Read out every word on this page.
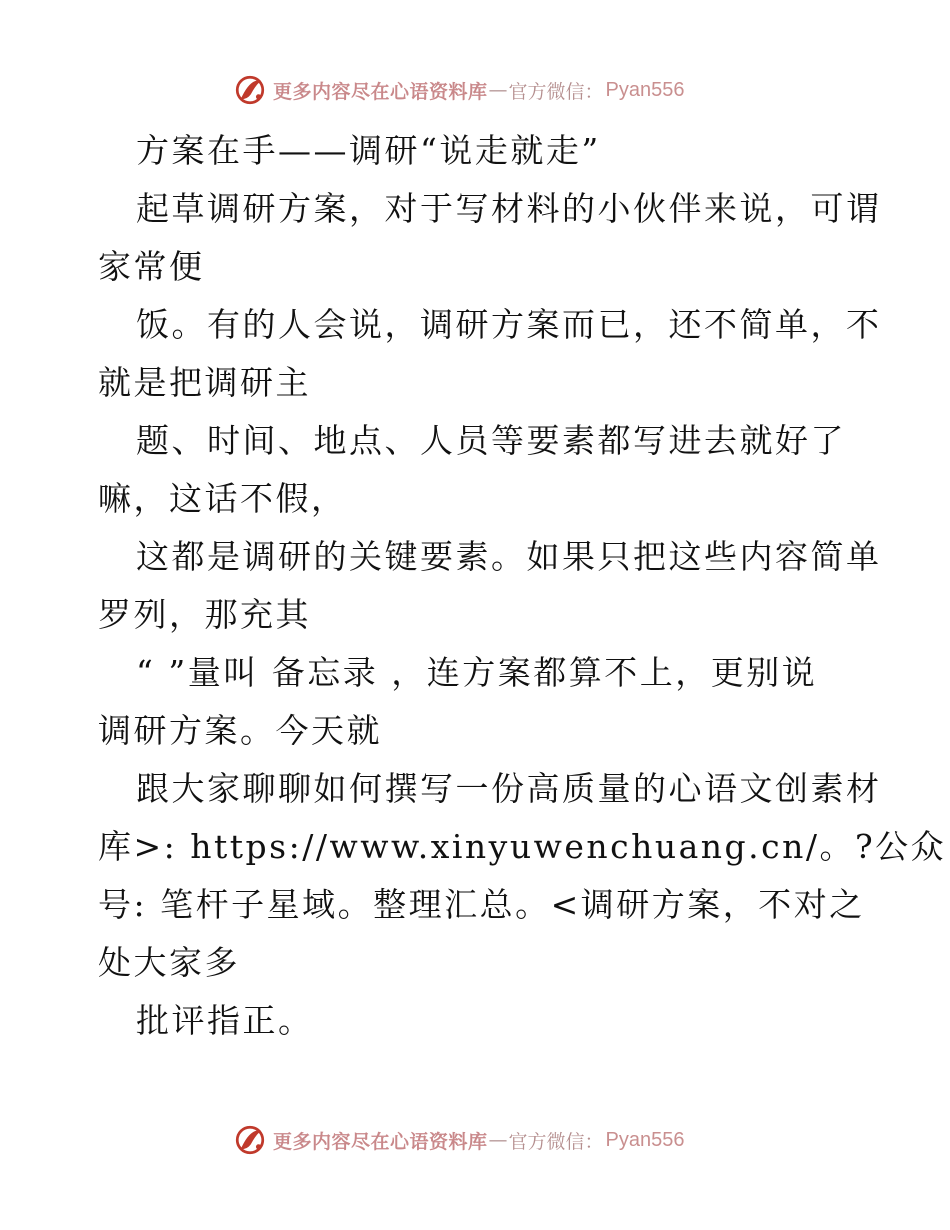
更多内容尽在心语资料库 — 官方微信： Pyan556
方案在手——调研“说走就走”
起草调研方案，对于写材料的小伙伴来说，可谓
家常便
饭。有的人会说，调研方案而已，还不简单，不
就是把调研主
题、时间、地点、人员等要素都写进去就好了
嘛，这话不假，
这都是调研的关键要素。如果只把这些内容简单
罗列，那充其
“ ”量叫 备忘录 ，连方案都算不上，更别说
调研方案。今天就
跟大家聊聊如何撰写一份高质量的心语文创素材
库>: https://www.xinyuwenchuang.cn/。?公众
号: 笔杆子星域。整理汇总。<调研方案，不对之
处大家多
批评指正。
更多内容尽在心语资料库 — 官方微信： Pyan556
